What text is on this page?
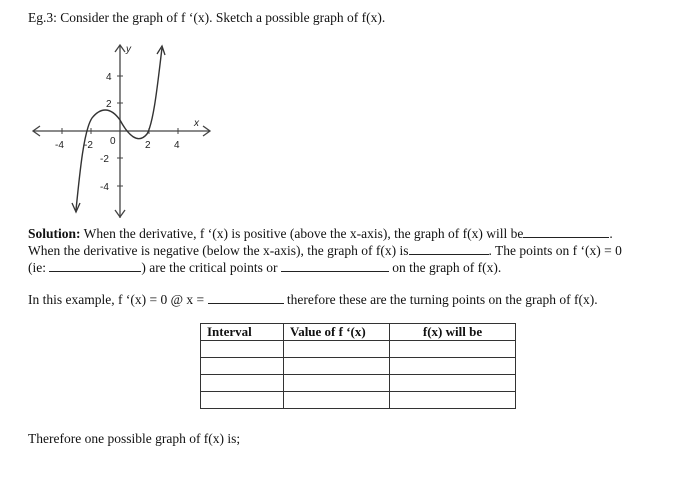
Eg.3: Consider the graph of f ‘(x). Sketch a possible graph of f(x).
y
x
-4 -2 0	2 4
4
2
-2
-4
Solution: When the derivative, f ‘(x) is positive (above the x-axis), the graph of f(x) will be	.
When the derivative is negative (below the x-axis), the graph of f(x) is	. The points on f ‘(x) = 0
(ie:	) are the critical points or	on the graph of f(x).
In this example, f ‘(x) = 0 @ x =	therefore these are the turning points on the graph of f(x).
Interval	Value of f ‘(x)	f(x) will be

Therefore one possible graph of f(x) is;
